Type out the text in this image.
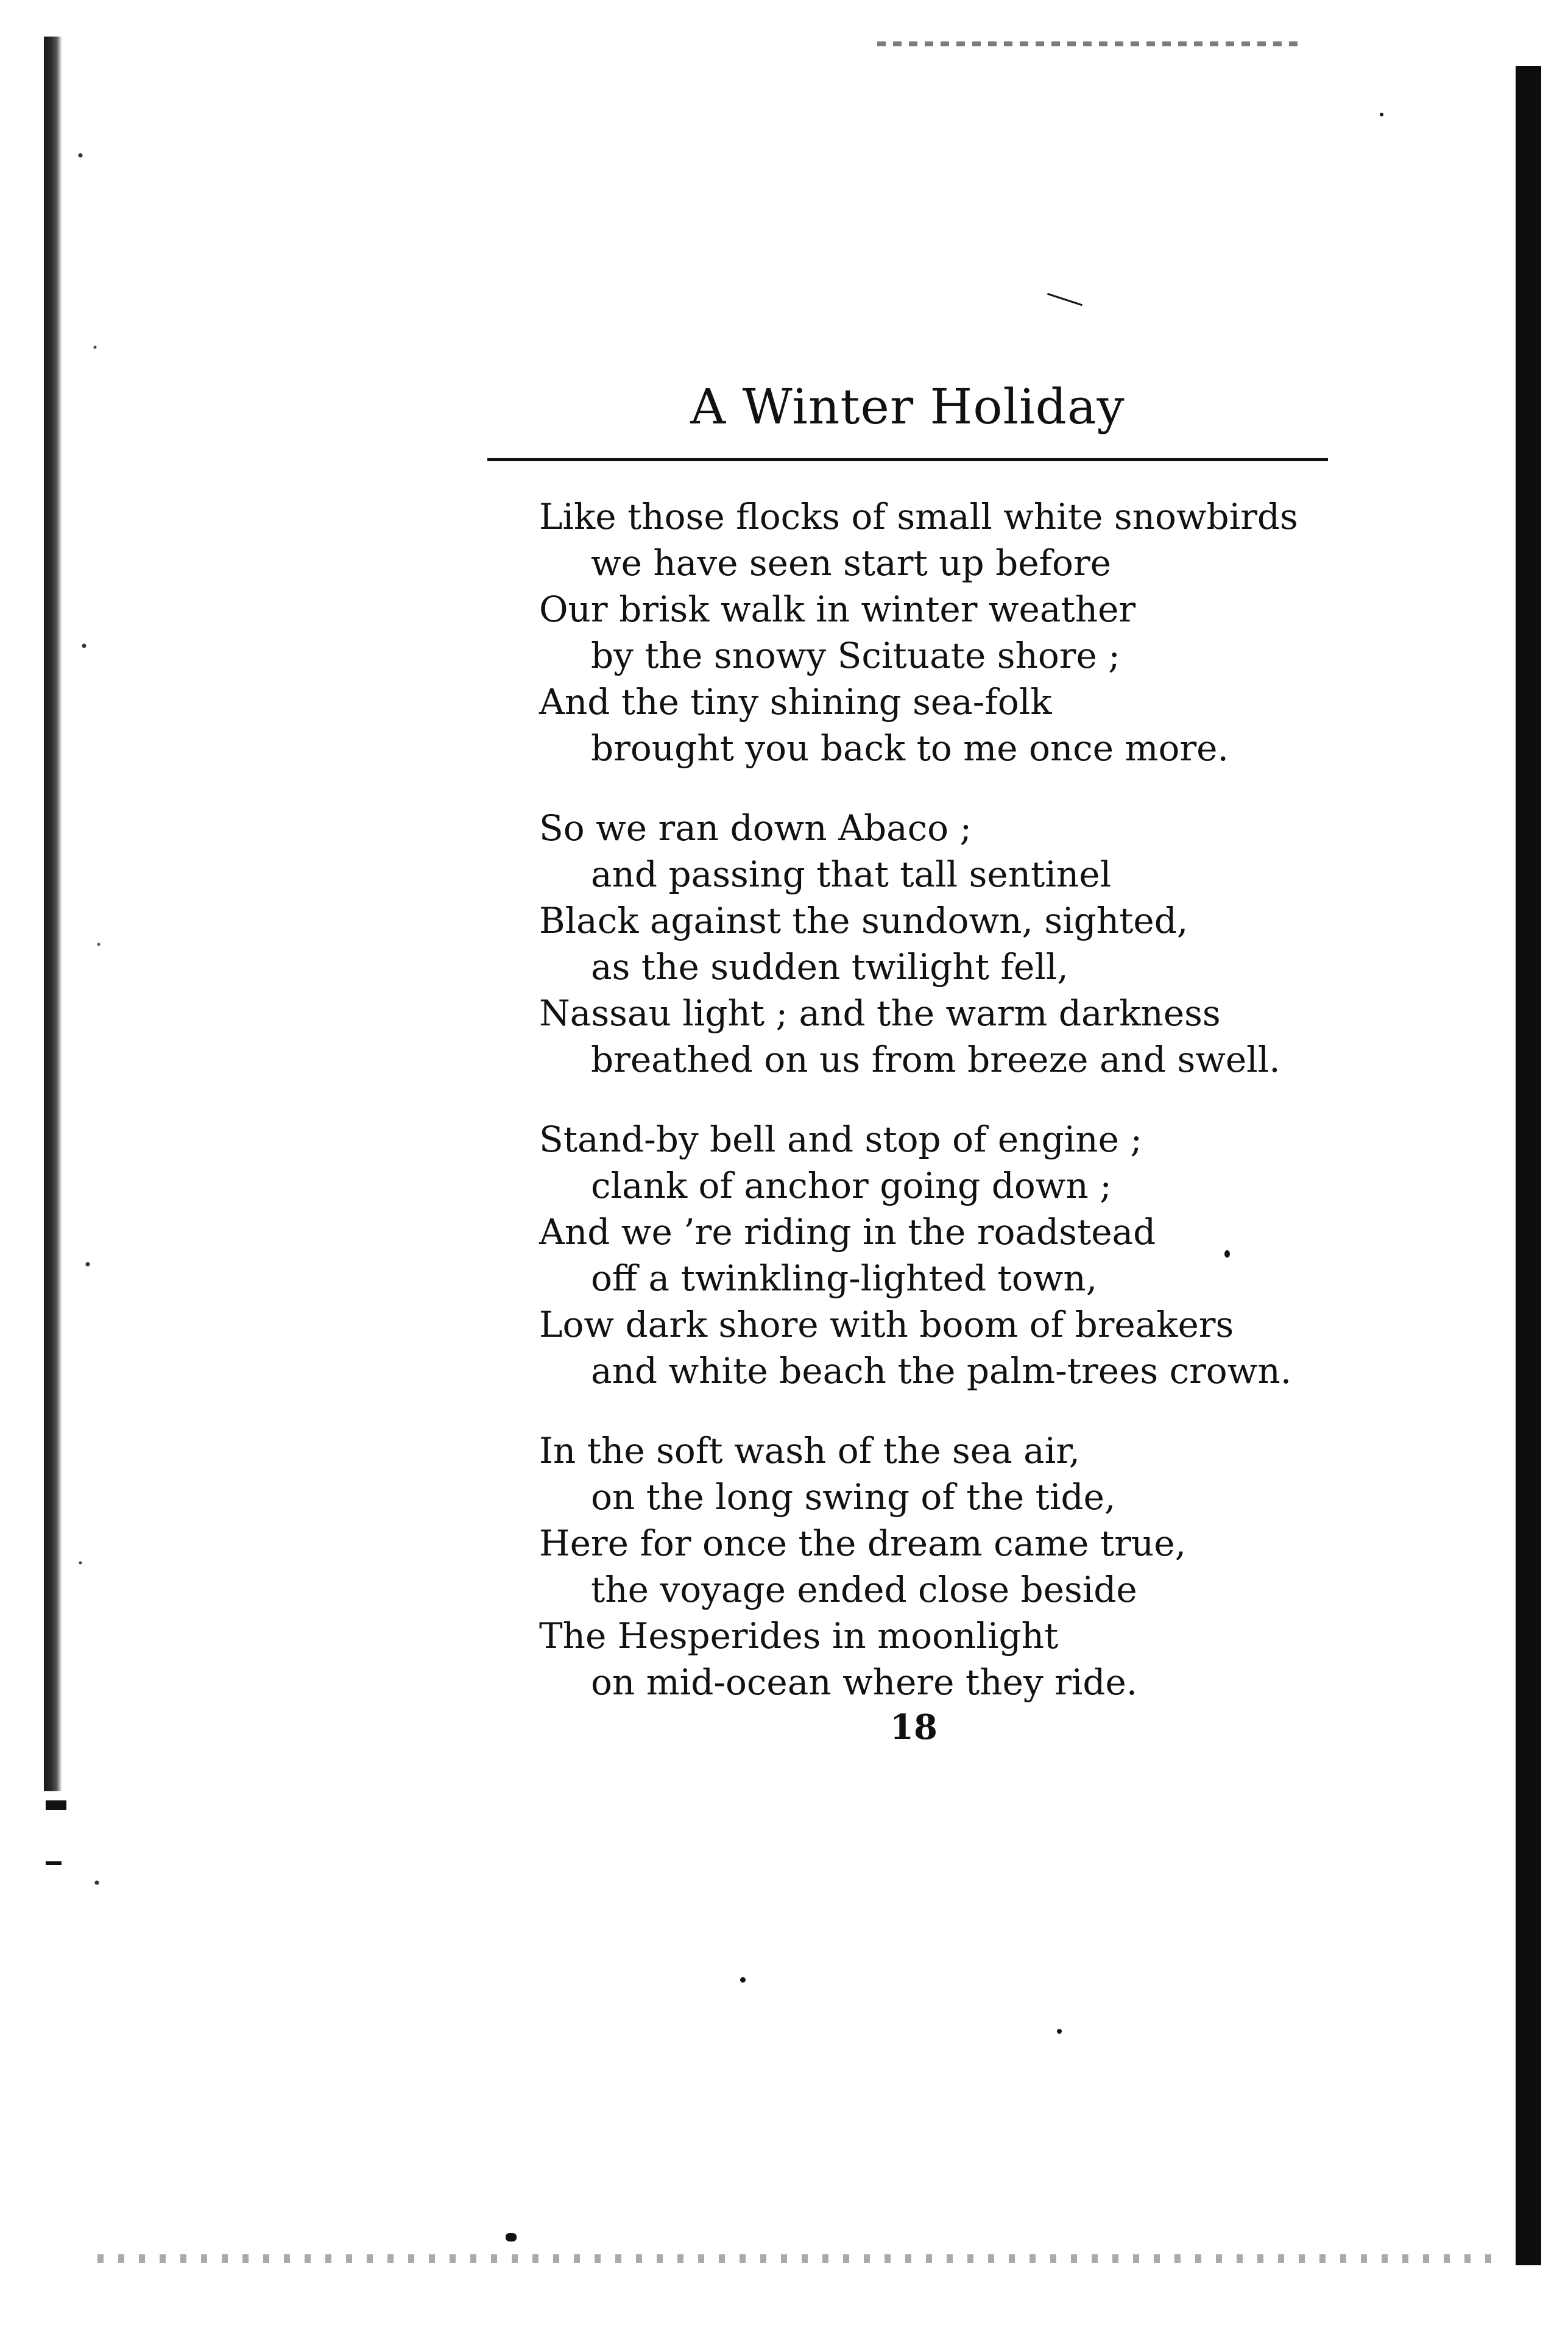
A Winter Holiday
Like those flocks of small white snowbirds
we have seen start up before
Our brisk walk in winter weather
by the snowy Scituate shore ;
And the tiny shining sea-folk
brought you back to me once more.
So we ran down Abaco ;
and passing that tall sentinel
Black against the sundown, sighted,
as the sudden twilight fell,
Nassau light ; and the warm darkness
breathed on us from breeze and swell.
Stand-by bell and stop of engine ;
clank of anchor going down ;
And we ’re riding in the roadstead
off a twinkling-lighted town,
Low dark shore with boom of breakers
and white beach the palm-trees crown.
In the soft wash of the sea air,
on the long swing of the tide,
Here for once the dream came true,
the voyage ended close beside
The Hesperides in moonlight
on mid-ocean where they ride.
18
